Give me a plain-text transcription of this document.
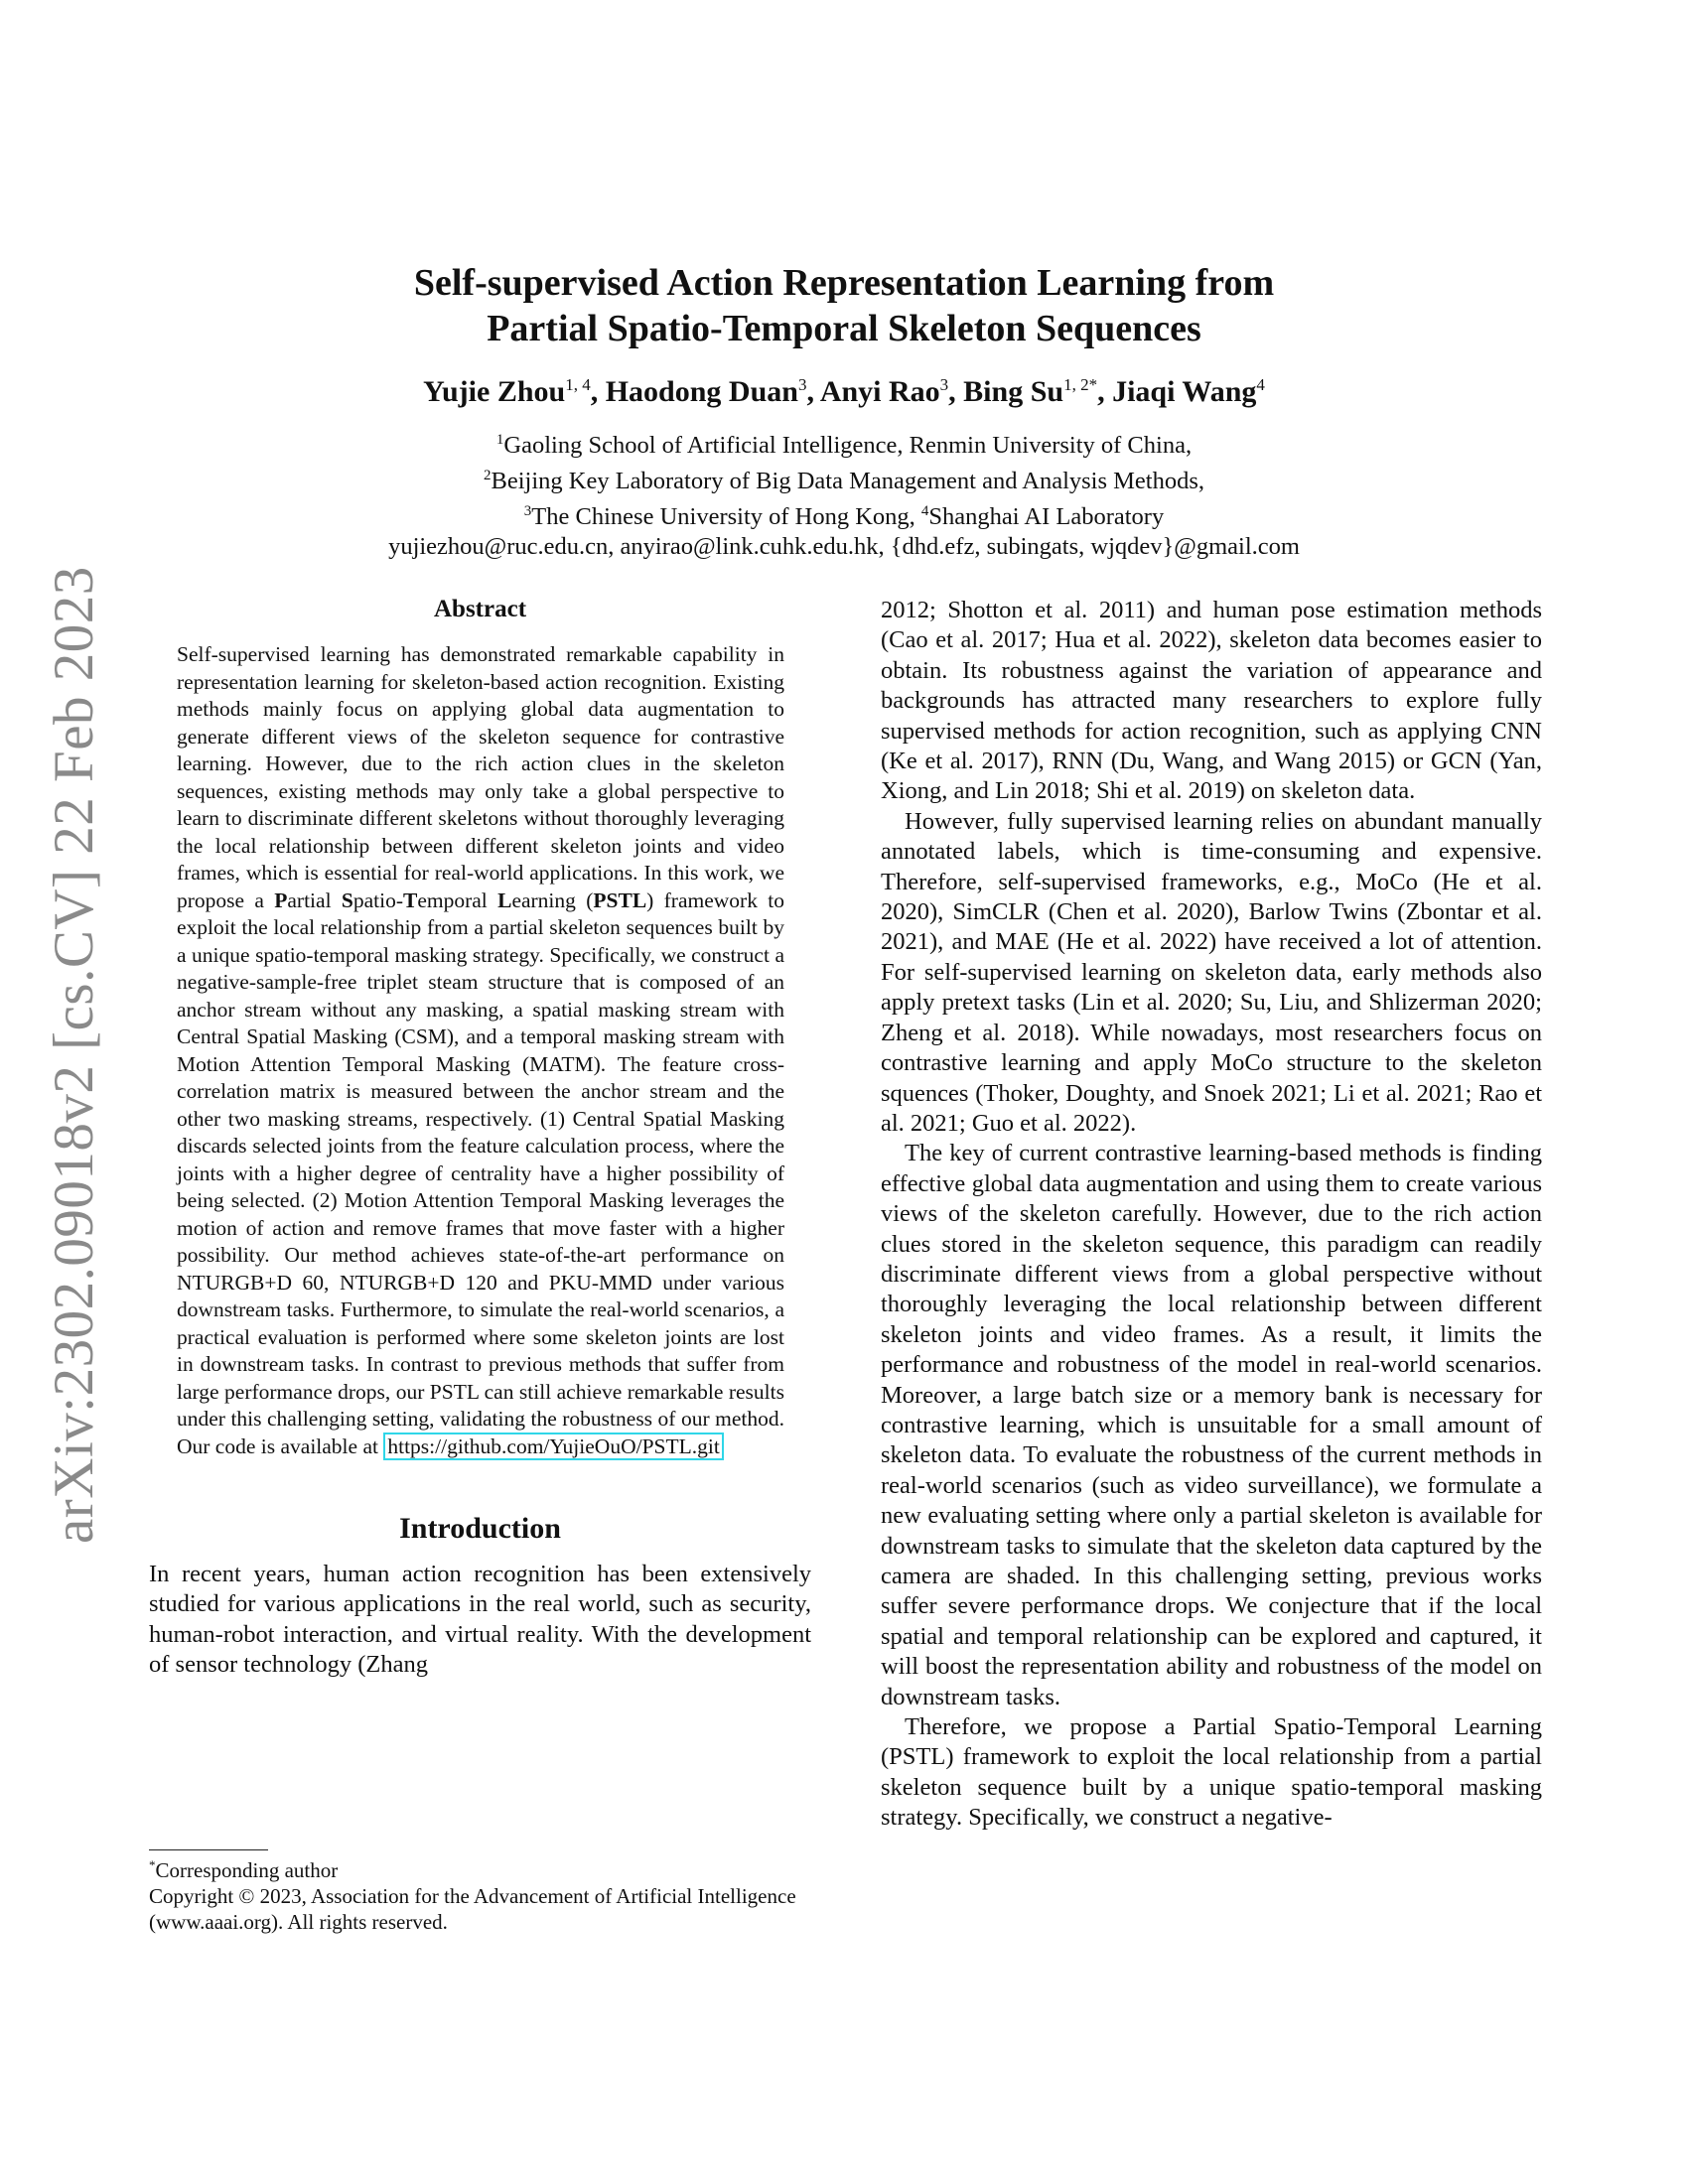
arXiv:2302.09018v2 [cs.CV] 22 Feb 2023
Self-supervised Action Representation Learning from
Partial Spatio-Temporal Skeleton Sequences
Yujie Zhou$^{1, 4}$, Haodong Duan$^3$, Anyi Rao$^3$, Bing $Su^{1, 2*}$, Jiaqi Wang$^4$
$^1$Gaoling School of Artificial Intelligence, Renmin University of China,
$^2$Beijing Key Laboratory of Big Data Management and Analysis Methods,
$^3$The Chinese University of Hong Kong, $^4$Shanghai AI Laboratory
yujiezhou@ruc.edu.cn, anyirao@link.cuhk.edu.hk, {dhd.efz, subingats, wjqdev}@gmail.com
Abstract

Self-supervised learning has demonstrated remarkable capability in representation learning for skeleton-based action recognition. Existing methods mainly focus on applying global data augmentation to generate different views of the skeleton sequence for contrastive learning. However, due to the rich action clues in the skeleton sequences, existing methods may only take a global perspective to learn to discriminate different skeletons without thoroughly leveraging the local relationship between different skeleton joints and video frames, which is essential for real-world applications. In this work, we propose a Partial Spatio-Temporal Learning (PSTL) framework to exploit the local relationship from a partial skeleton sequences built by a unique spatio-temporal masking strategy. Specifically, we construct a negative-sample-free triplet steam structure that is composed of an anchor stream without any masking, a spatial masking stream with Central Spatial Masking (CSM), and a temporal masking stream with Motion Attention Temporal Masking (MATM). The feature cross-correlation matrix is measured between the anchor stream and the other two masking streams, respectively. (1) Central Spatial Masking discards selected joints from the feature calculation process, where the joints with a higher degree of centrality have a higher possibility of being selected. (2) Motion Attention Temporal Masking leverages the motion of action and remove frames that move faster with a higher possibility. Our method achieves state-of-the-art performance on NTURGB+D 60, NTURGB+D 120 and PKU-MMD under various downstream tasks. Furthermore, to simulate the real-world scenarios, a practical evaluation is performed where some skeleton joints are lost in downstream tasks. In contrast to previous methods that suffer from large performance drops, our PSTL can still achieve remarkable results under this challenging setting, validating the robustness of our method. Our code is available at https://github.com/YujieOuO/PSTL.git

Introduction

In recent years, human action recognition has been extensively studied for various applications in the real world, such as security, human-robot interaction, and virtual reality. With the development of sensor technology (Zhang

*Corresponding author
Copyright © 2023, Association for the Advancement of Artificial Intelligence (www.aaai.org). All rights reserved.

2012; Shotton et al. 2011) and human pose estimation methods (Cao et al. 2017; Hua et al. 2022), skeleton data becomes easier to obtain. Its robustness against the variation of appearance and backgrounds has attracted many researchers to explore fully supervised methods for action recognition, such as applying CNN (Ke et al. 2017), RNN (Du, Wang, and Wang 2015) or GCN (Yan, Xiong, and Lin 2018; Shi et al. 2019) on skeleton data.

However, fully supervised learning relies on abundant manually annotated labels, which is time-consuming and expensive. Therefore, self-supervised frameworks, e.g., MoCo (He et al. 2020), SimCLR (Chen et al. 2020), Barlow Twins (Zbontar et al. 2021), and MAE (He et al. 2022) have received a lot of attention. For self-supervised learning on skeleton data, early methods also apply pretext tasks (Lin et al. 2020; Su, Liu, and Shlizerman 2020; Zheng et al. 2018). While nowadays, most researchers focus on contrastive learning and apply MoCo structure to the skeleton squences (Thoker, Doughty, and Snoek 2021; Li et al. 2021; Rao et al. 2021; Guo et al. 2022).

The key of current contrastive learning-based methods is finding effective global data augmentation and using them to create various views of the skeleton carefully. However, due to the rich action clues stored in the skeleton sequence, this paradigm can readily discriminate different views from a global perspective without thoroughly leveraging the local relationship between different skeleton joints and video frames. As a result, it limits the performance and robustness of the model in real-world scenarios. Moreover, a large batch size or a memory bank is necessary for contrastive learning, which is unsuitable for a small amount of skeleton data. To evaluate the robustness of the current methods in real-world scenarios (such as video surveillance), we formulate a new evaluating setting where only a partial skeleton is available for downstream tasks to simulate that the skeleton data captured by the camera are shaded. In this challenging setting, previous works suffer severe performance drops. We conjecture that if the local spatial and temporal relationship can be explored and captured, it will boost the representation ability and robustness of the model on downstream tasks.

Therefore, we propose a Partial Spatio-Temporal Learning (PSTL) framework to exploit the local relationship from a partial skeleton sequence built by a unique spatio-temporal masking strategy. Specifically, we construct a negative-
